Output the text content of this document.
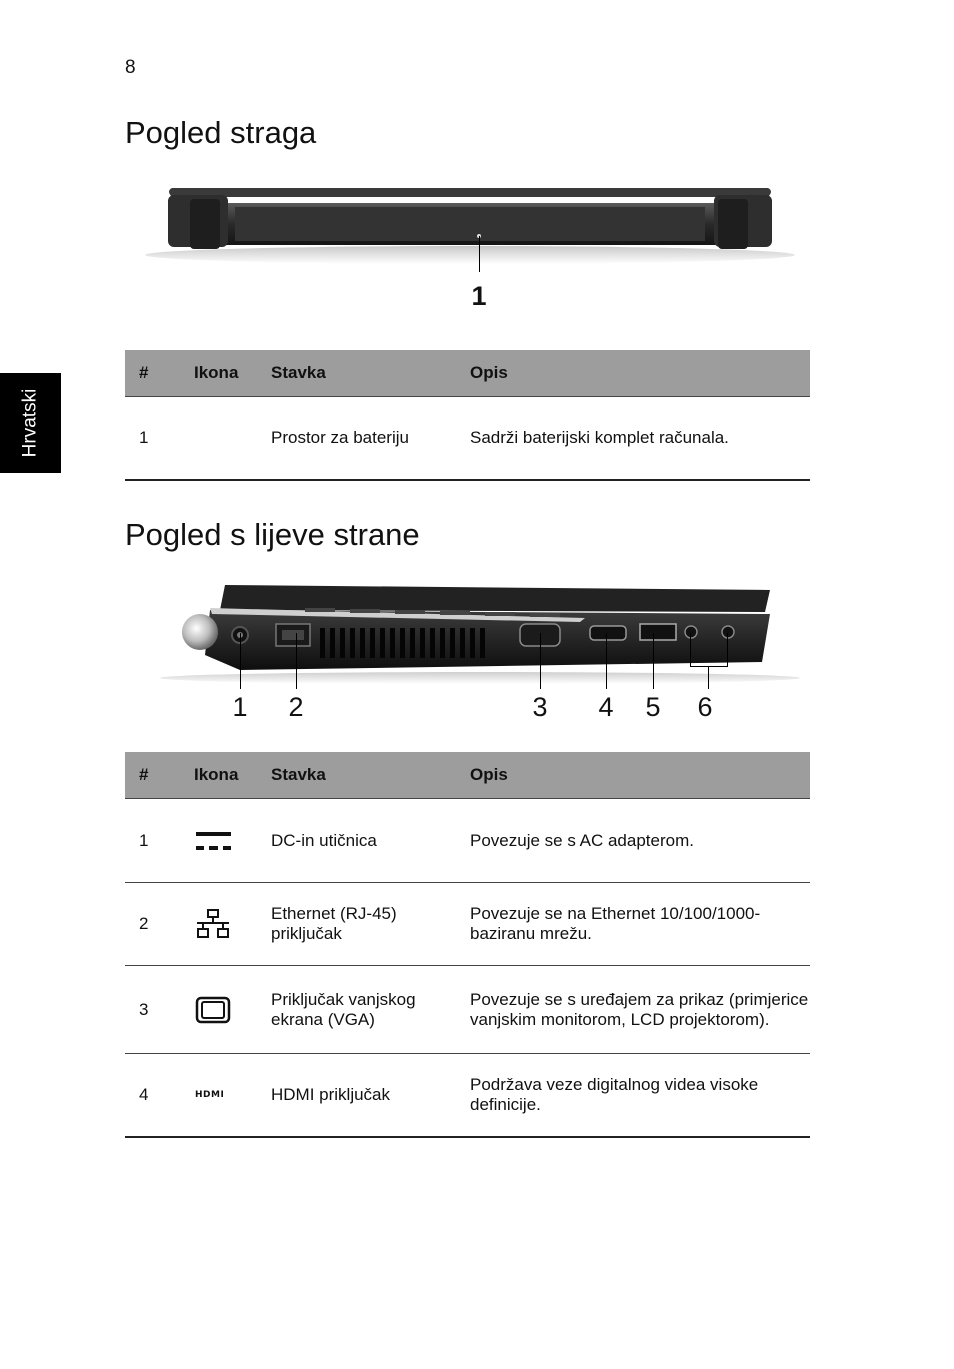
8
Hrvatski
Pogled straga
1
#	Ikona	Stavka	Opis
1		Prostor za bateriju	Sadrži baterijski komplet računala.
Pogled s lijeve strane
1 2	3 4 5 6
#	Ikona	Stavka	Opis
1		DC-in utičnica	Povezuje se s AC adapterom.
2		Ethernet (RJ-45) priključak	Povezuje se na Ethernet 10/100/1000-baziranu mrežu.
3		Priključak vanjskog ekrana (VGA)	Povezuje se s uređajem za prikaz (primjerice vanjskim monitorom, LCD projektorom).
4	HDMI	HDMI priključak	Podržava veze digitalnog videa visoke definicije.
